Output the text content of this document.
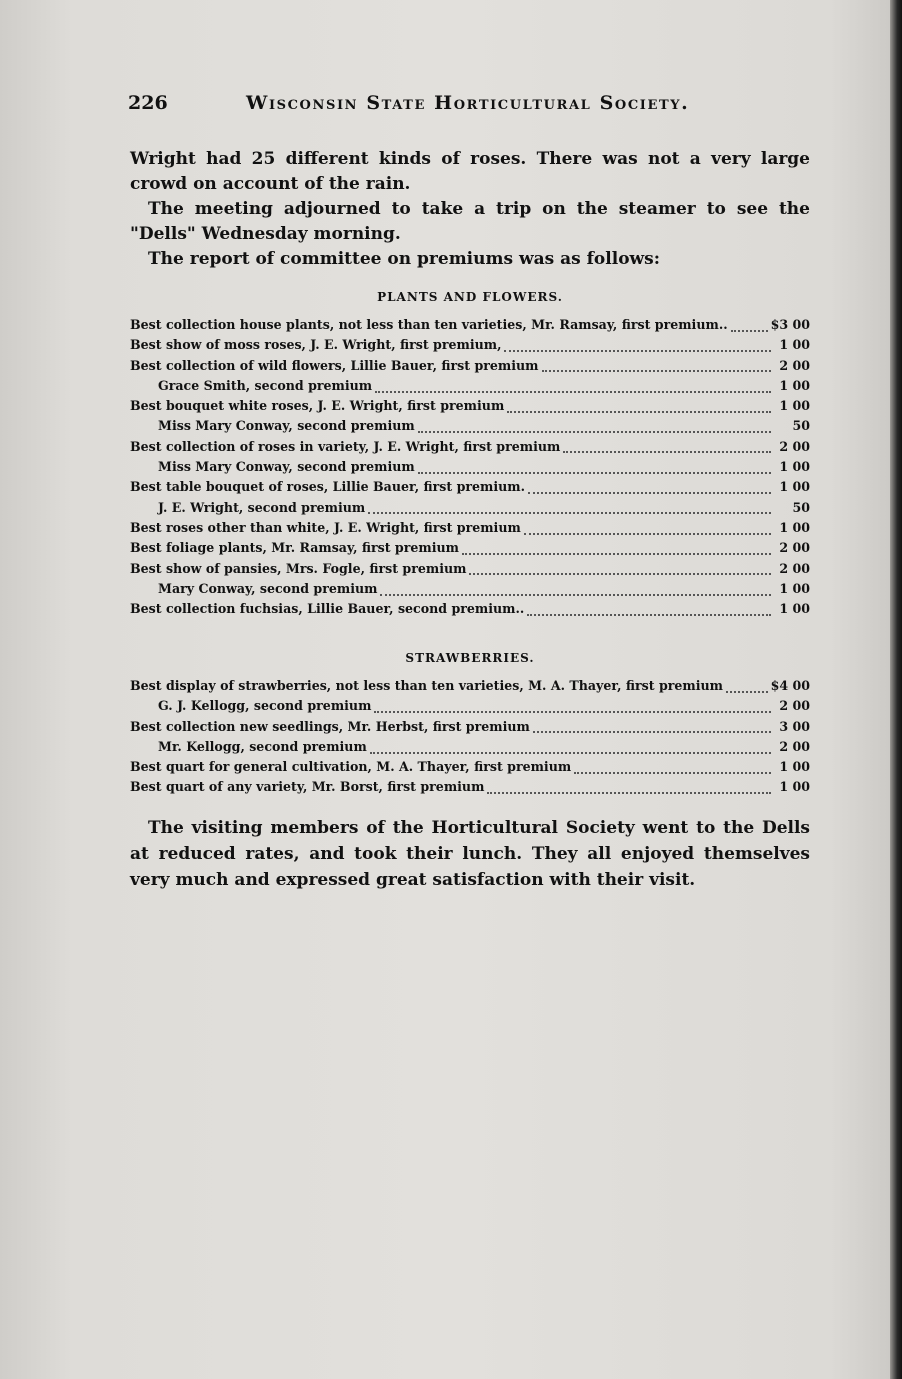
226	Wisconsin State Horticultural Society.

Wright had 25 different kinds of roses. There was not a very large crowd on account of the rain.

The meeting adjourned to take a trip on the steamer to see the "Dells" Wednesday morning.

The report of committee on premiums was as follows:

PLANTS AND FLOWERS.
Best collection house plants, not less than ten varieties, Mr. Ramsay, first premium..	$3 00
Best show of moss roses, J. E. Wright, first premium,	1 00
Best collection of wild flowers, Lillie Bauer, first premium	2 00
Grace Smith, second premium	1 00
Best bouquet white roses, J. E. Wright, first premium	1 00
Miss Mary Conway, second premium	50
Best collection of roses in variety, J. E. Wright, first premium	2 00
Miss Mary Conway, second premium	1 00
Best table bouquet of roses, Lillie Bauer, first premium.	1 00
J. E. Wright, second premium	50
Best roses other than white, J. E. Wright, first premium	1 00
Best foliage plants, Mr. Ramsay, first premium	2 00
Best show of pansies, Mrs. Fogle, first premium	2 00
Mary Conway, second premium	1 00
Best collection fuchsias, Lillie Bauer, second premium..	1 00
STRAWBERRIES.
Best display of strawberries, not less than ten varieties, M. A. Thayer, first premium	$4 00
G. J. Kellogg, second premium	2 00
Best collection new seedlings, Mr. Herbst, first premium	3 00
Mr. Kellogg, second premium	2 00
Best quart for general cultivation, M. A. Thayer, first premium	1 00
Best quart of any variety, Mr. Borst, first premium	1 00

The visiting members of the Horticultural Society went to the Dells at reduced rates, and took their lunch. They all enjoyed themselves very much and expressed great satisfaction with their visit.
